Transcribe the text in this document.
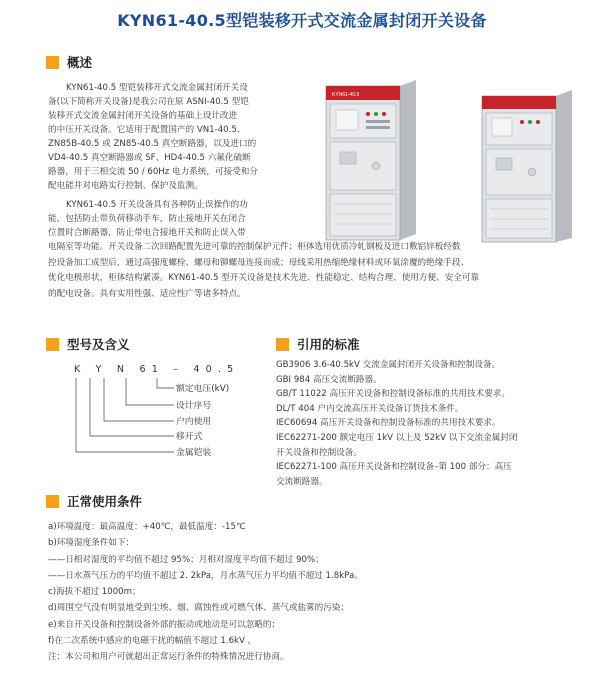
KYN61-40.5型铠装移开式交流金属封闭开关设备
概述
KYN61-40.5 型铠装移开式交流金属封闭开关设
备(以下简称开关设备)是我公司在原 ASNI-40.5 型铠
装移开式交流金属封闭开关设备的基础上设计改进
的中压开关设备。它适用于配置国产的 VN1-40.5、
ZN85B-40.5 或 ZN85-40.5 真空断路器，以及进口的
VD4-40.5 真空断路器或 SF、HD4-40.5 六氟化硫断
路器，用于三相交流 50 / 60Hz 电力系统，可接受和分
配电能并对电路实行控制、保护及监测。
KYN61-40.5 开关设备具有各种防止误操作的功
能，包括防止带负荷移动手车，防止接地开关在闭合
位置时合断路器，防止带电合接地开关和防止误入带
电隔室等功能。开关设备二次回路配置先进可靠的控制保护元件；柜体选用优质冷轧钢板及进口敷铝锌板经数
控设备加工成型后，通过高强度螺栓、螺母和铆螺母连接而成；母线采用热缩绝缘材料或环氧涂覆的绝缘手段、
优化电极形状，柜体结构紧凑。KYN61-40.5 型开关设备是技术先进、性能稳定、结构合理、使用方便、安全可靠
的配电设备。具有实用性强、适应性广等诸多特点。
KYN61-40.5
型号及含义
K Y N 61 – 40.5
额定电压(kV)
设计序号
户内使用
移开式
金属铠装
引用的标准
GB3906 3.6-40.5kV 交流金属封闭开关设备和控制设备。
GBI 984 高压交流断路器。
GB/T 11022 高压开关设备和控制设备标准的共用技术要求。
DL/T 404 户内交流高压开关设备订货技术条件。
IEC60694 高压开关设备和控制设备标准的共用技术要求。
IEC62271-200 额定电压 1kV 以上及 52kV 以下交流金属封闭
开关设备和控制设备。
IEC62271-100 高压开关设备和控制设备–第 100 部分：高压
交流断路器。
正常使用条件
a)环境温度：最高温度：+40℃，最低温度：-15℃
b)环境湿度条件如下：
——日相对湿度的平均值不超过 95%；月相对湿度平均值不超过 90%；
——日水蒸气压力的平均值不超过 2. 2kPa，月水蒸气压力平均值不超过 1.8kPa。
c)海拔不超过 1000m；
d)周围空气没有明显地受到尘埃、烟、腐蚀性或可燃气体、蒸气或盐雾的污染；
e)来自开关设备和控制设备外部的振动或地动是可以忽略的；
f)在二次系统中感应的电磁干扰的幅值不超过 1.6kV ，
注：本公司和用户可就超出正常运行条件的特殊情况进行协商。
